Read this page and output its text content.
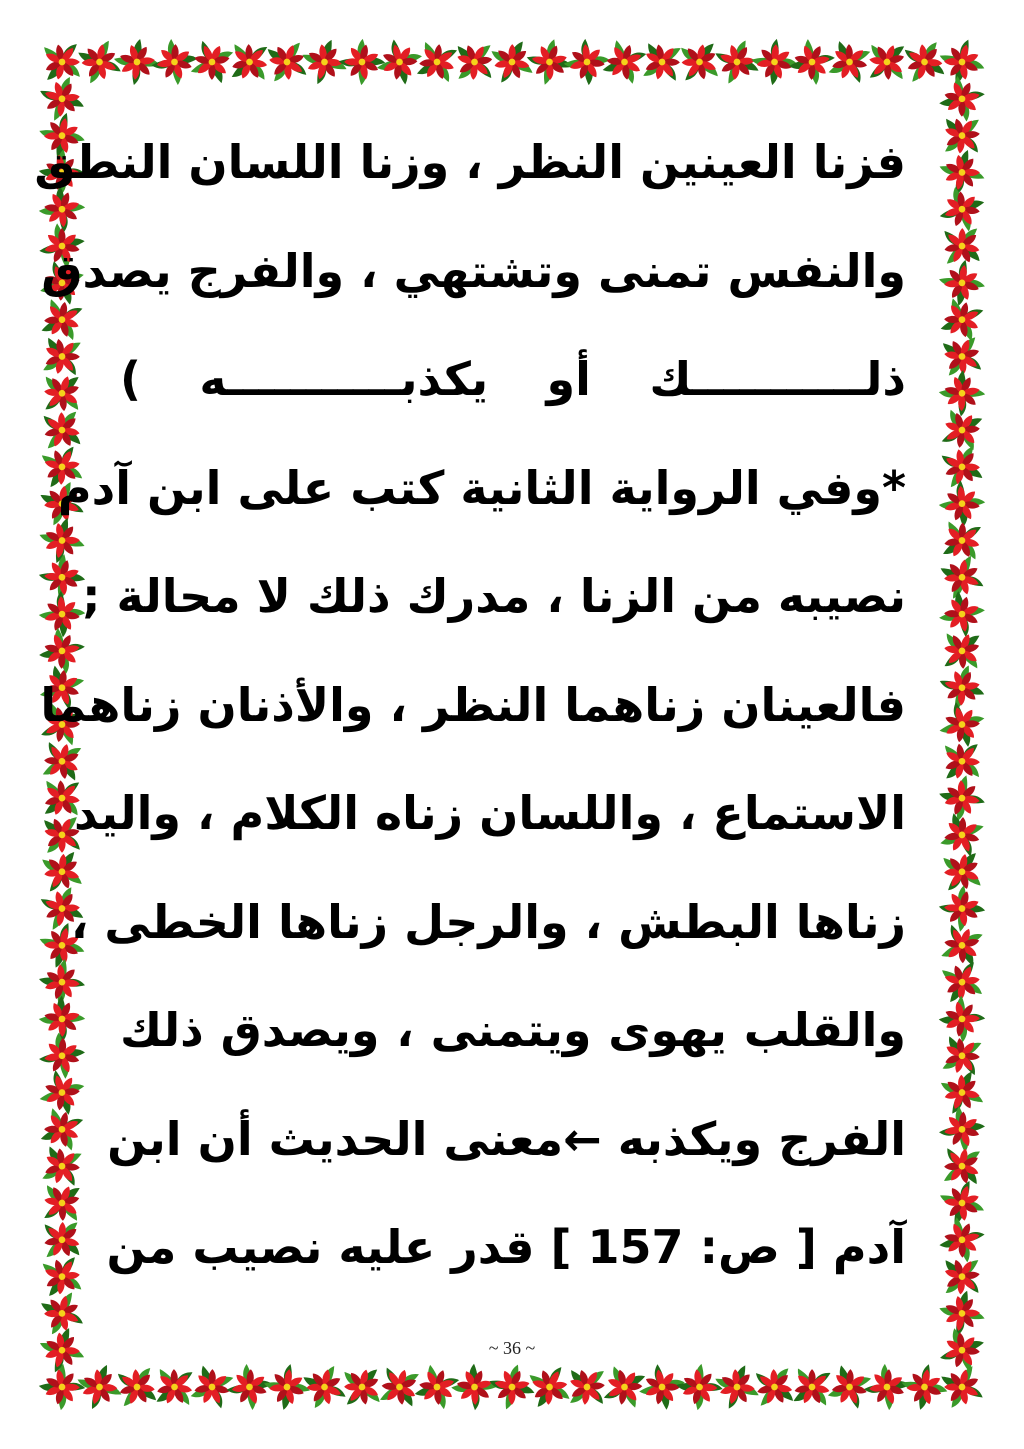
فزنا العينين النظر ، وزنا اللسان النطق
والنفس تمنى وتشتهي ، والفرج يصدق
ذلـــــــــــك أو يكذبـــــــــــه )
*وفي الرواية الثانية كتب على ابن آدم
نصيبه من الزنا ، مدرك ذلك لا محالة ;
فالعينان زناهما النظر ، والأذنان زناهما
الاستماع ، واللسان زناه الكلام ، واليد
زناها البطش ، والرجل زناها الخطى ،
والقلب يهوى ويتمنى ، ويصدق ذلك
الفرج ويكذبه ←معنى الحديث أن ابن
آدم [ ص: 157 ] قدر عليه نصيب من
~ 36 ~
